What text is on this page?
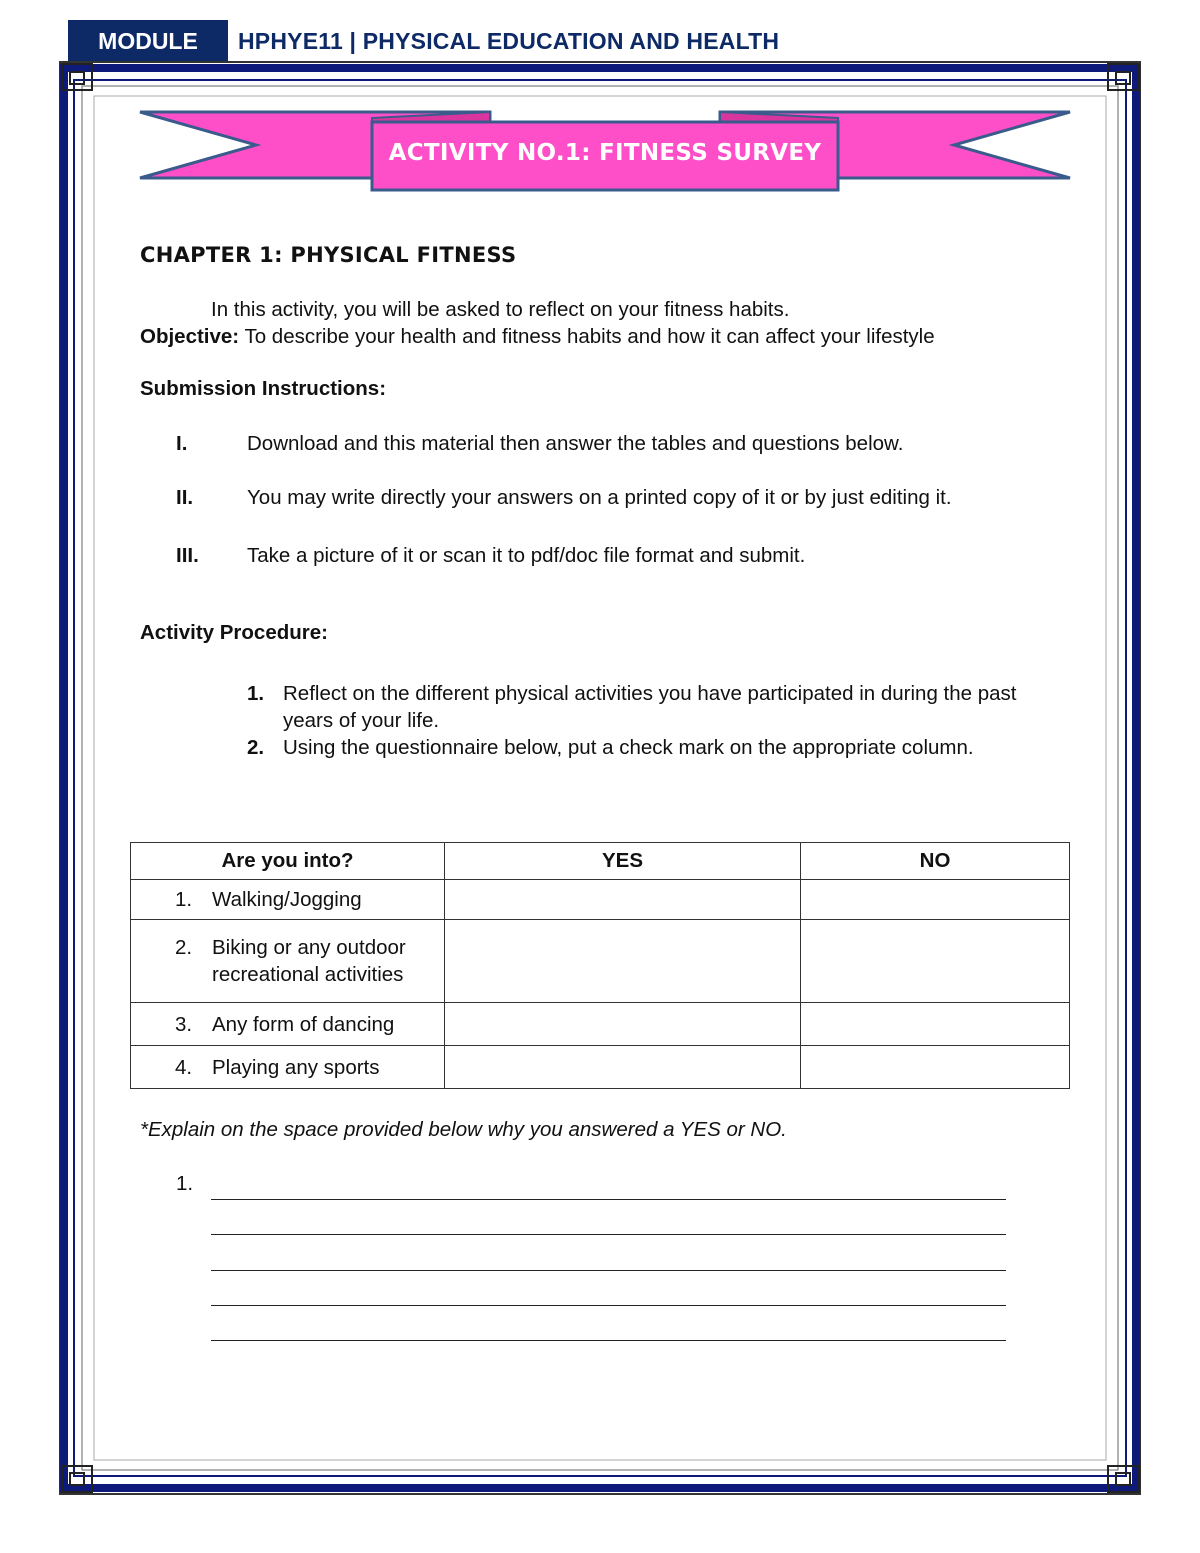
MODULE	HPHYE11 | PHYSICAL EDUCATION AND HEALTH
ACTIVITY NO.1: FITNESS SURVEY
CHAPTER 1: PHYSICAL FITNESS
In this activity, you will be asked to reflect on your fitness habits.
Objective: To describe your health and fitness habits and how it can affect your lifestyle
Submission Instructions:
I.	Download and this material then answer the tables and questions below.
II.	You may write directly your answers on a printed copy of it or by just editing it.
III. Take a picture of it or scan it to pdf/doc file format and submit.
Activity Procedure:
1. Reflect on the different physical activities you have participated in during the past years of your life.
2. Using the questionnaire below, put a check mark on the appropriate column.
Are you into?	YES	NO

1. Walking/Jogging		

2. Biking or any outdoor recreational activities		

3. Any form of dancing		

4. Playing any sports		

*Explain on the space provided below why you answered a YES or NO.
1.
